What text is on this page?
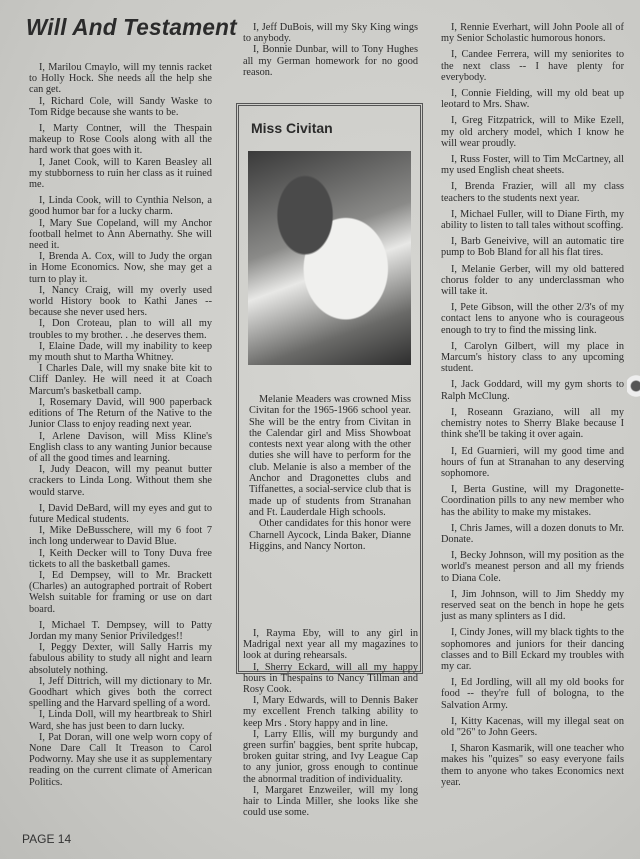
Will And Testament

I, Marilou Cmaylo, will my tennis racket to Holly Hock. She needs all the help she can get.

I, Richard Cole, will Sandy Waske to Tom Ridge because she wants to be.

I, Marty Contner, will the Thespain makeup to Rose Cools along with all the hard work that goes with it.

I, Janet Cook, will to Karen Beasley all my stubborness to ruin her class as it ruined me.

I, Linda Cook, will to Cynthia Nelson, a good humor bar for a lucky charm.

I, Mary Sue Copeland, will my Anchor football helmet to Ann Abernathy. She will need it.

I, Brenda A. Cox, will to Judy the organ in Home Economics. Now, she may get a turn to play it.

I, Nancy Craig, will my overly used world History book to Kathi Janes -- because she never used hers.

I, Don Croteau, plan to will all my troubles to my brother. . .he deserves them.

I, Elaine Dade, will my inability to keep my mouth shut to Martha Whitney.

I Charles Dale, will my snake bite kit to Cliff Danley. He will need it at Coach Marcum's basketball camp.

I, Rosemary David, will 900 paperback editions of The Return of the Native to the Junior Class to enjoy reading next year.

I, Arlene Davison, will Miss Kline's English class to any wanting Junior because of all the good times and learning.

I, Judy Deacon, will my peanut butter crackers to Linda Long. Without them she would starve.

I, David DeBard, will my eyes and gut to future Medical students.

I, Mike DeBusschere, will my 6 foot 7 inch long underwear to David Blue.

I, Keith Decker will to Tony Duva free tickets to all the basketball games.

I, Ed Dempsey, will to Mr. Brackett (Charles) an autographed portrait of Robert Welsh suitable for framing or use on dart board.

I, Michael T. Dempsey, will to Patty Jordan my many Senior Priviledges!!

I, Peggy Dexter, will Sally Harris my fabulous ability to study all night and learn absolutely nothing.

I, Jeff Dittrich, will my dictionary to Mr. Goodhart which gives both the correct spelling and the Harvard spelling of a word.

I, Linda Doll, will my heartbreak to Shirl Ward, she has just been to darn lucky.

I, Pat Doran, will one welp worn copy of None Dare Call It Treason to Carol Podworny. May she use it as supplementary reading on the current climate of American Politics.

I, Jeff DuBois, will my Sky King wings to anybody.

I, Bonnie Dunbar, will to Tony Hughes all my German homework for no good reason.

Miss Civitan

Melanie Meaders was crowned Miss Civitan for the 1965-1966 school year. She will be the entry from Civitan in the Calendar girl and Miss Showboat contests next year along with the other duties she will have to perform for the club. Melanie is also a member of the Anchor and Dragonettes clubs and Tiffanettes, a social-service club that is made up of students from Stranahan and Ft. Lauderdale High schools.

Other candidates for this honor were Charnell Aycock, Linda Baker, Dianne Higgins, and Nancy Norton.

I, Rayma Eby, will to any girl in Madrigal next year all my magazines to look at during rehearsals.

I, Sherry Eckard, will all my happy hours in Thespains to Nancy Tillman and Rosy Cook.

I, Mary Edwards, will to Dennis Baker my excellent French talking ability to keep Mrs . Story happy and in line.

I, Larry Ellis, will my burgundy and green surfin' baggies, bent sprite hubcap, broken guitar string, and Ivy League Cap to any junior, gross enough to continue the abnormal tradition of individuality.

I, Margaret Enzweiler, will my long hair to Linda Miller, she looks like she could use some.

I, Rennie Everhart, will John Poole all of my Senior Scholastic humorous honors.

I, Candee Ferrera, will my seniorites to the next class -- I have plenty for everybody.

I, Connie Fielding, will my old beat up leotard to Mrs. Shaw.

I, Greg Fitzpatrick, will to Mike Ezell, my old archery model, which I know he will wear proudly.

I, Russ Foster, will to Tim McCartney, all my used English cheat sheets.

I, Brenda Frazier, will all my class teachers to the students next year.

I, Michael Fuller, will to Diane Firth, my ability to listen to tall tales without scoffing.

I, Barb Geneivive, will an automatic tire pump to Bob Bland for all his flat tires.

I, Melanie Gerber, will my old battered chorus folder to any underclassman who will take it.

I, Pete Gibson, will the other 2/3's of my contact lens to anyone who is courageous enough to try to find the missing link.

I, Carolyn Gilbert, will my place in Marcum's history class to any upcoming student.

I, Jack Goddard, will my gym shorts to Ralph McClung.

I, Roseann Graziano, will all my chemistry notes to Sherry Blake because I think she'll be taking it over again.

I, Ed Guarnieri, will my good time and hours of fun at Stranahan to any deserving sophomore.

I, Berta Gustine, will my Dragonette-Coordination pills to any new member who has the ability to make my mistakes.

I, Chris James, will a dozen donuts to Mr. Donate.

I, Becky Johnson, will my position as the world's meanest person and all my friends to Diana Cole.

I, Jim Johnson, will to Jim Sheddy my reserved seat on the bench in hope he gets just as many splinters as I did.

I, Cindy Jones, will my black tights to the sophomores and juniors for their dancing classes and to Bill Eckard my troubles with my car.

I, Ed Jordling, will all my old books for food -- they're full of bologna, to the Salvation Army.

I, Kitty Kacenas, will my illegal seat on old "26" to John Geers.

I, Sharon Kasmarik, will one teacher who makes his "quizes" so easy everyone fails them to anyone who takes Economics next year.

PAGE 14
